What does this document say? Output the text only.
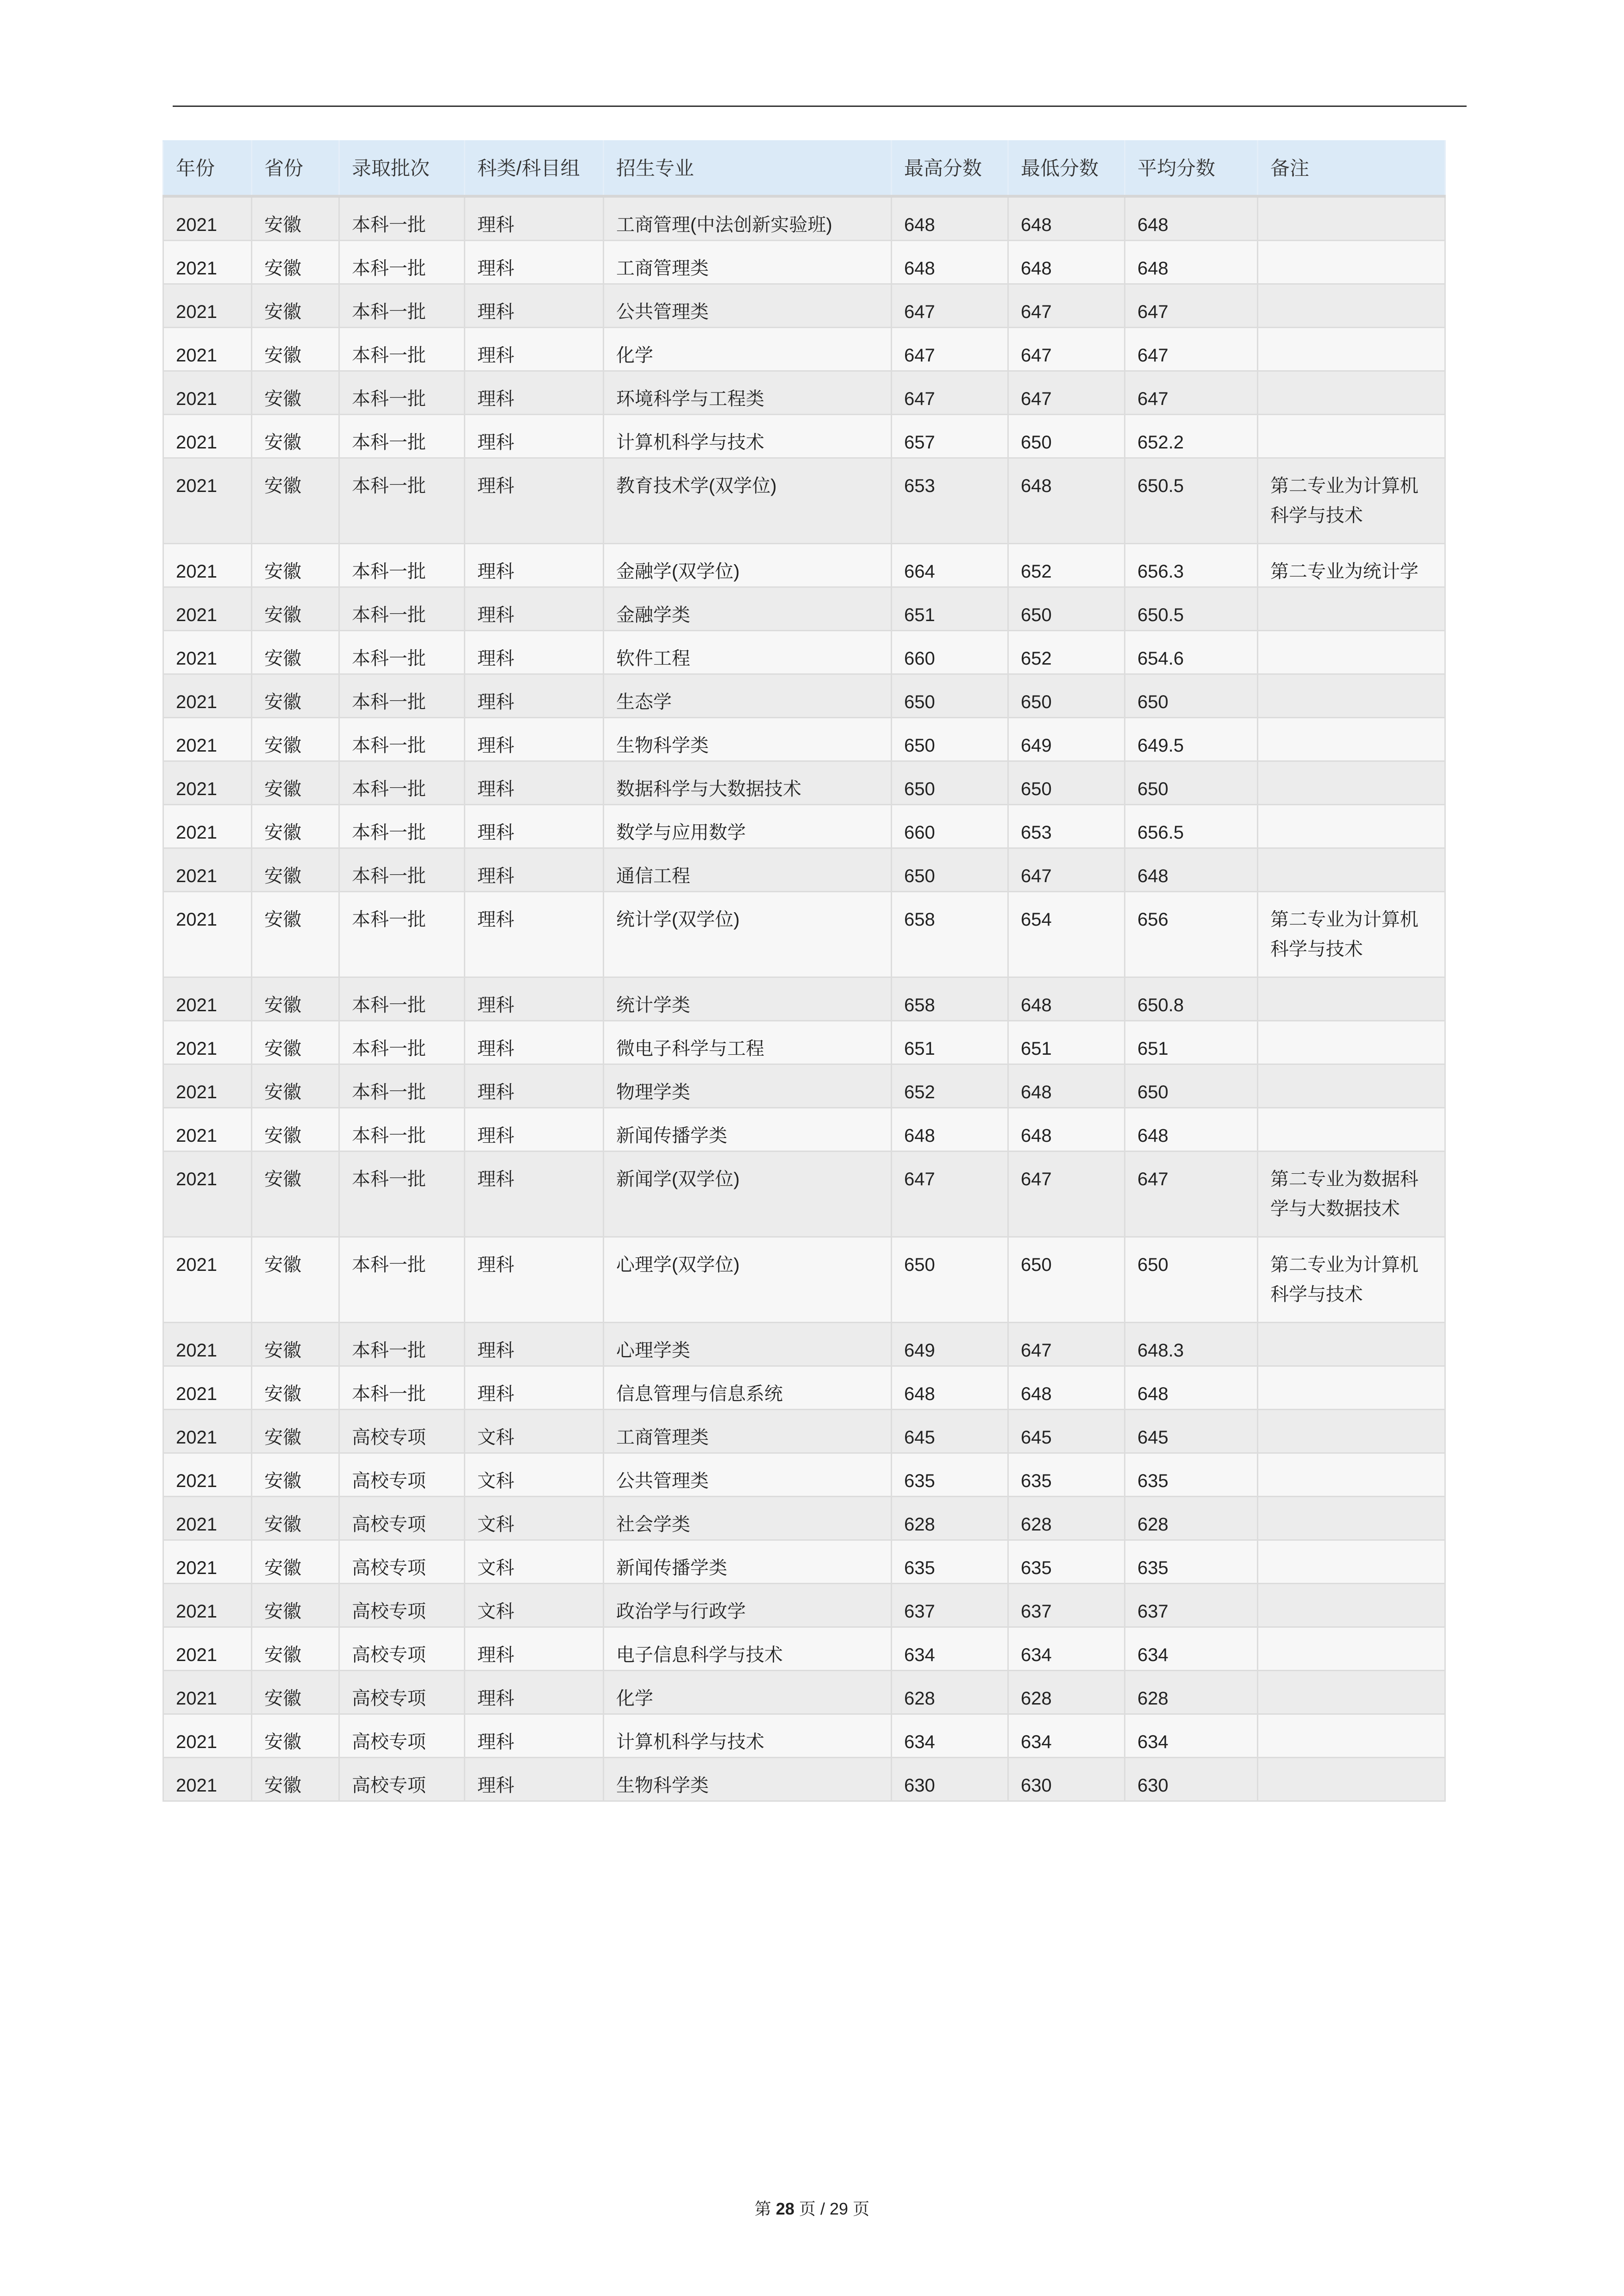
年份	省份	录取批次	科类/科目组	招生专业	最高分数	最低分数	平均分数	备注
2021	安徽	本科一批	理科	工商管理(中法创新实验班)	648	648	648	
2021	安徽	本科一批	理科	工商管理类	648	648	648	
2021	安徽	本科一批	理科	公共管理类	647	647	647	
2021	安徽	本科一批	理科	化学	647	647	647	
2021	安徽	本科一批	理科	环境科学与工程类	647	647	647	
2021	安徽	本科一批	理科	计算机科学与技术	657	650	652.2	
2021	安徽	本科一批	理科	教育技术学(双学位)	653	648	650.5	第二专业为计算机科学与技术
2021	安徽	本科一批	理科	金融学(双学位)	664	652	656.3	第二专业为统计学
2021	安徽	本科一批	理科	金融学类	651	650	650.5	
2021	安徽	本科一批	理科	软件工程	660	652	654.6	
2021	安徽	本科一批	理科	生态学	650	650	650	
2021	安徽	本科一批	理科	生物科学类	650	649	649.5	
2021	安徽	本科一批	理科	数据科学与大数据技术	650	650	650	
2021	安徽	本科一批	理科	数学与应用数学	660	653	656.5	
2021	安徽	本科一批	理科	通信工程	650	647	648	
2021	安徽	本科一批	理科	统计学(双学位)	658	654	656	第二专业为计算机科学与技术
2021	安徽	本科一批	理科	统计学类	658	648	650.8	
2021	安徽	本科一批	理科	微电子科学与工程	651	651	651	
2021	安徽	本科一批	理科	物理学类	652	648	650	
2021	安徽	本科一批	理科	新闻传播学类	648	648	648	
2021	安徽	本科一批	理科	新闻学(双学位)	647	647	647	第二专业为数据科学与大数据技术
2021	安徽	本科一批	理科	心理学(双学位)	650	650	650	第二专业为计算机科学与技术
2021	安徽	本科一批	理科	心理学类	649	647	648.3	
2021	安徽	本科一批	理科	信息管理与信息系统	648	648	648	
2021	安徽	高校专项	文科	工商管理类	645	645	645	
2021	安徽	高校专项	文科	公共管理类	635	635	635	
2021	安徽	高校专项	文科	社会学类	628	628	628	
2021	安徽	高校专项	文科	新闻传播学类	635	635	635	
2021	安徽	高校专项	文科	政治学与行政学	637	637	637	
2021	安徽	高校专项	理科	电子信息科学与技术	634	634	634	
2021	安徽	高校专项	理科	化学	628	628	628	
2021	安徽	高校专项	理科	计算机科学与技术	634	634	634	
2021	安徽	高校专项	理科	生物科学类	630	630	630	
第 28 页 / 29 页
